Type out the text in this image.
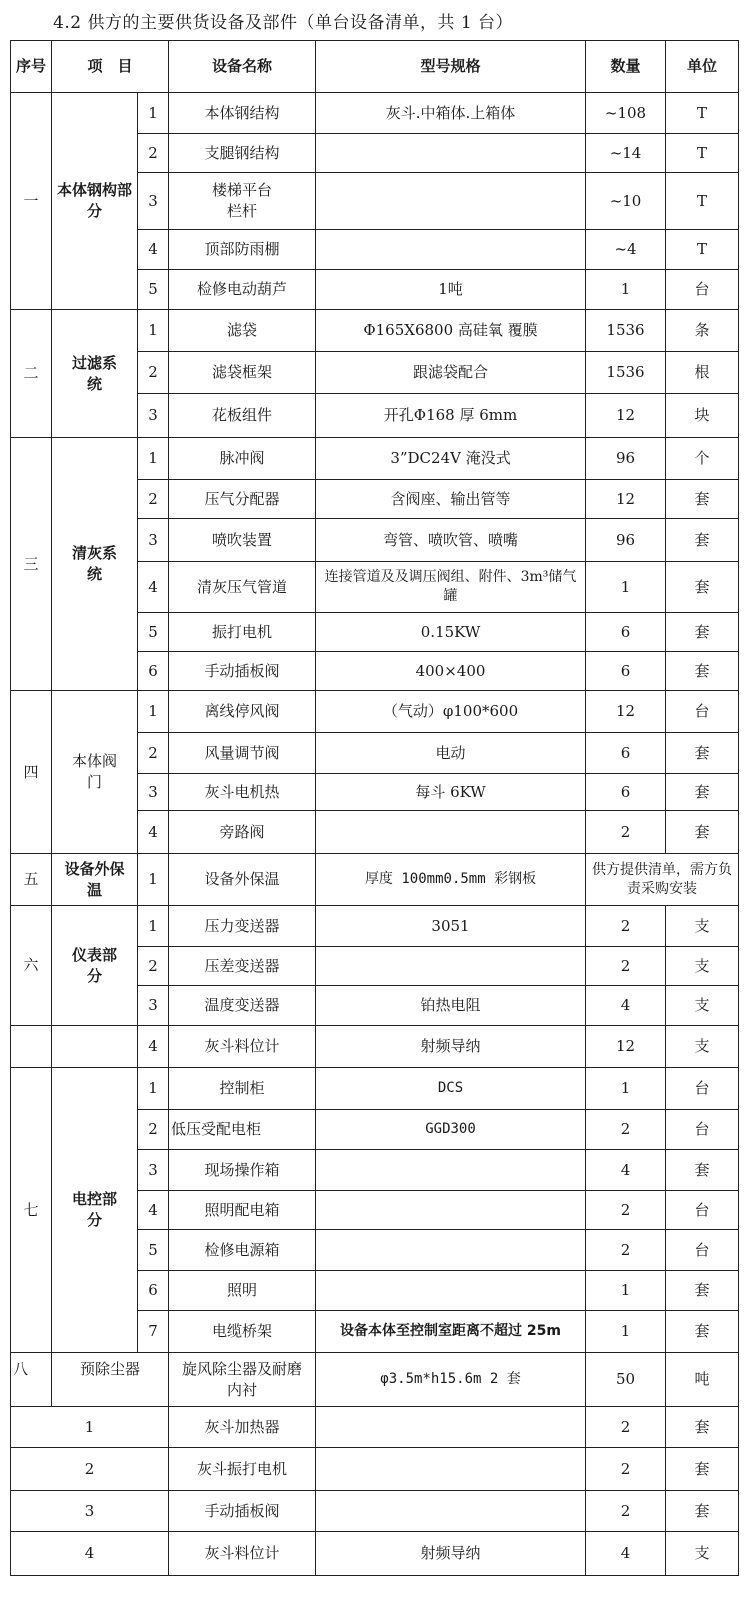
4.2 供方的主要供货设备及部件（单台设备清单，共 1 台）
序号	项　目		设备名称	型号规格	数量	单位
一	本体钢构部分	1	本体钢结构	灰斗.中箱体.上箱体	~108	T
		2	支腿钢结构		~14	T
		3	楼梯平台栏杆		~10	T
		4	顶部防雨棚		~4	T
		5	检修电动葫芦	1吨	1	台
二	过滤系统	1	滤袋	Φ165X6800 高硅氧 覆膜	1536	条
		2	滤袋框架	跟滤袋配合	1536	根
		3	花板组件	开孔Φ168 厚 6mm	12	块
三	清灰系统	1	脉冲阀	3”DC24V 淹没式	96	个
		2	压气分配器	含阀座、输出管等	12	套
		3	喷吹装置	弯管、喷吹管、喷嘴	96	套
		4	清灰压气管道	连接管道及及调压阀组、附件、3m³储气罐	1	套
		5	振打电机	0.15KW	6	套
		6	手动插板阀	400×400	6	套
四	本体阀门	1	离线停风阀	（气动）φ100*600	12	台
		2	风量调节阀	电动	6	套
		3	灰斗电机热	每斗 6KW	6	套
		4	旁路阀		2	套
五	设备外保温	1	设备外保温	厚度 100mm0.5mm 彩钢板	供方提供清单，需方负责采购安装	
六	仪表部分	1	压力变送器	3051	2	支
		2	压差变送器		2	支
		3	温度变送器	铂热电阻	4	支
		4	灰斗料位计	射频导纳	12	支
七	电控部分	1	控制柜	DCS	1	台
		2	低压受配电柜	GGD300	2	台
		3	现场操作箱		4	套
		4	照明配电箱		2	台
		5	检修电源箱		2	台
		6	照明		1	套
		7	电缆桥架	设备本体至控制室距离不超过 25m	1	套
八	预除尘器		旋风除尘器及耐磨内衬	φ3.5m*h15.6m 2 套	50	吨
1			灰斗加热器		2	套
2			灰斗振打电机		2	套
3			手动插板阀		2	套
4			灰斗料位计	射频导纳	4	支
